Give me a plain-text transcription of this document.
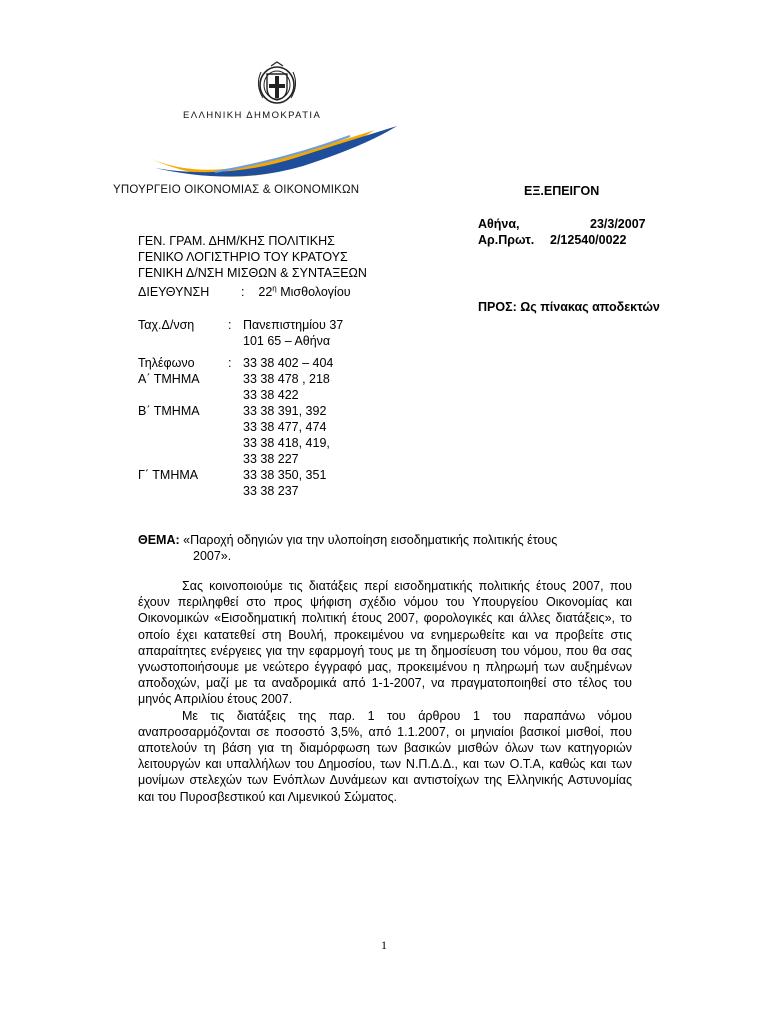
ΕΛΛΗΝΙΚΗ ΔΗΜΟΚΡΑΤΙΑ
ΥΠΟΥΡΓΕΙΟ ΟΙΚΟΝΟΜΙΑΣ & ΟΙΚΟΝΟΜΙΚΩΝ	ΕΞ.ΕΠΕΙΓΟΝ
Αθήνα,	23/3/2007
Αρ.Πρωτ.	2/12540/0022
ΠΡΟΣ: Ως πίνακας αποδεκτών
ΓΕΝ. ΓΡΑΜ. ΔΗΜ/ΚΗΣ ΠΟΛΙΤΙΚΗΣ
ΓΕΝΙΚΟ ΛΟΓΙΣΤΗΡΙΟ ΤΟΥ ΚΡΑΤΟΥΣ
ΓΕΝΙΚΗ Δ/ΝΣΗ ΜΙΣΘΩΝ & ΣΥΝΤΑΞΕΩΝ
ΔΙΕΥΘΥΝΣΗ	: $22^\eta$ Μισθολογίου
Ταχ.Δ/νση	: Πανεπιστημίου 37
101 65 – Αθήνα
Τηλέφωνο	: 33 38 402 – 404
Α΄ ΤΜΗΜΑ	33 38 478 , 218
33 38 422
Β΄ ΤΜΗΜΑ	33 38 391, 392
33 38 477, 474
33 38 418, 419,
33 38 227
Γ΄ ΤΜΗΜΑ	33 38 350, 351
33 38 237
ΘΕΜΑ: «Παροχή οδηγιών για την υλοποίηση εισοδηματικής πολιτικής έτους
2007».

Σας κοινοποιούμε τις διατάξεις περί εισοδηματικής πολιτικής έτους 2007, που έχουν περιληφθεί στο προς ψήφιση σχέδιο νόμου του Υπουργείου Οικονομίας και Οικονομικών «Εισοδηματική πολιτική έτους 2007, φορολογικές και άλλες διατάξεις», το οποίο έχει κατατεθεί στη Βουλή, προκειμένου να ενημερωθείτε και να προβείτε στις απαραίτητες ενέργειες για την εφαρμογή τους με τη δημοσίευση του νόμου, που θα σας γνωστοποιήσουμε με νεώτερο έγγραφό μας, προκειμένου η πληρωμή των αυξημένων αποδοχών, μαζί με τα αναδρομικά από 1-1-2007, να πραγματοποιηθεί στο τέλος του μηνός Απριλίου έτους 2007.

Με τις διατάξεις της παρ. 1 του άρθρου 1 του παραπάνω νόμου αναπροσαρμόζονται σε ποσοστό 3,5%, από 1.1.2007, οι μηνιαίοι βασικοί μισθοί, που αποτελούν τη βάση για τη διαμόρφωση των βασικών μισθών όλων των κατηγοριών λειτουργών και υπαλλήλων του Δημοσίου, των Ν.Π.Δ.Δ., και των Ο.Τ.Α, καθώς και των μονίμων στελεχών των Ενόπλων Δυνάμεων και αντιστοίχων της Ελληνικής Αστυνομίας και του Πυροσβεστικού και Λιμενικού Σώματος.

1
